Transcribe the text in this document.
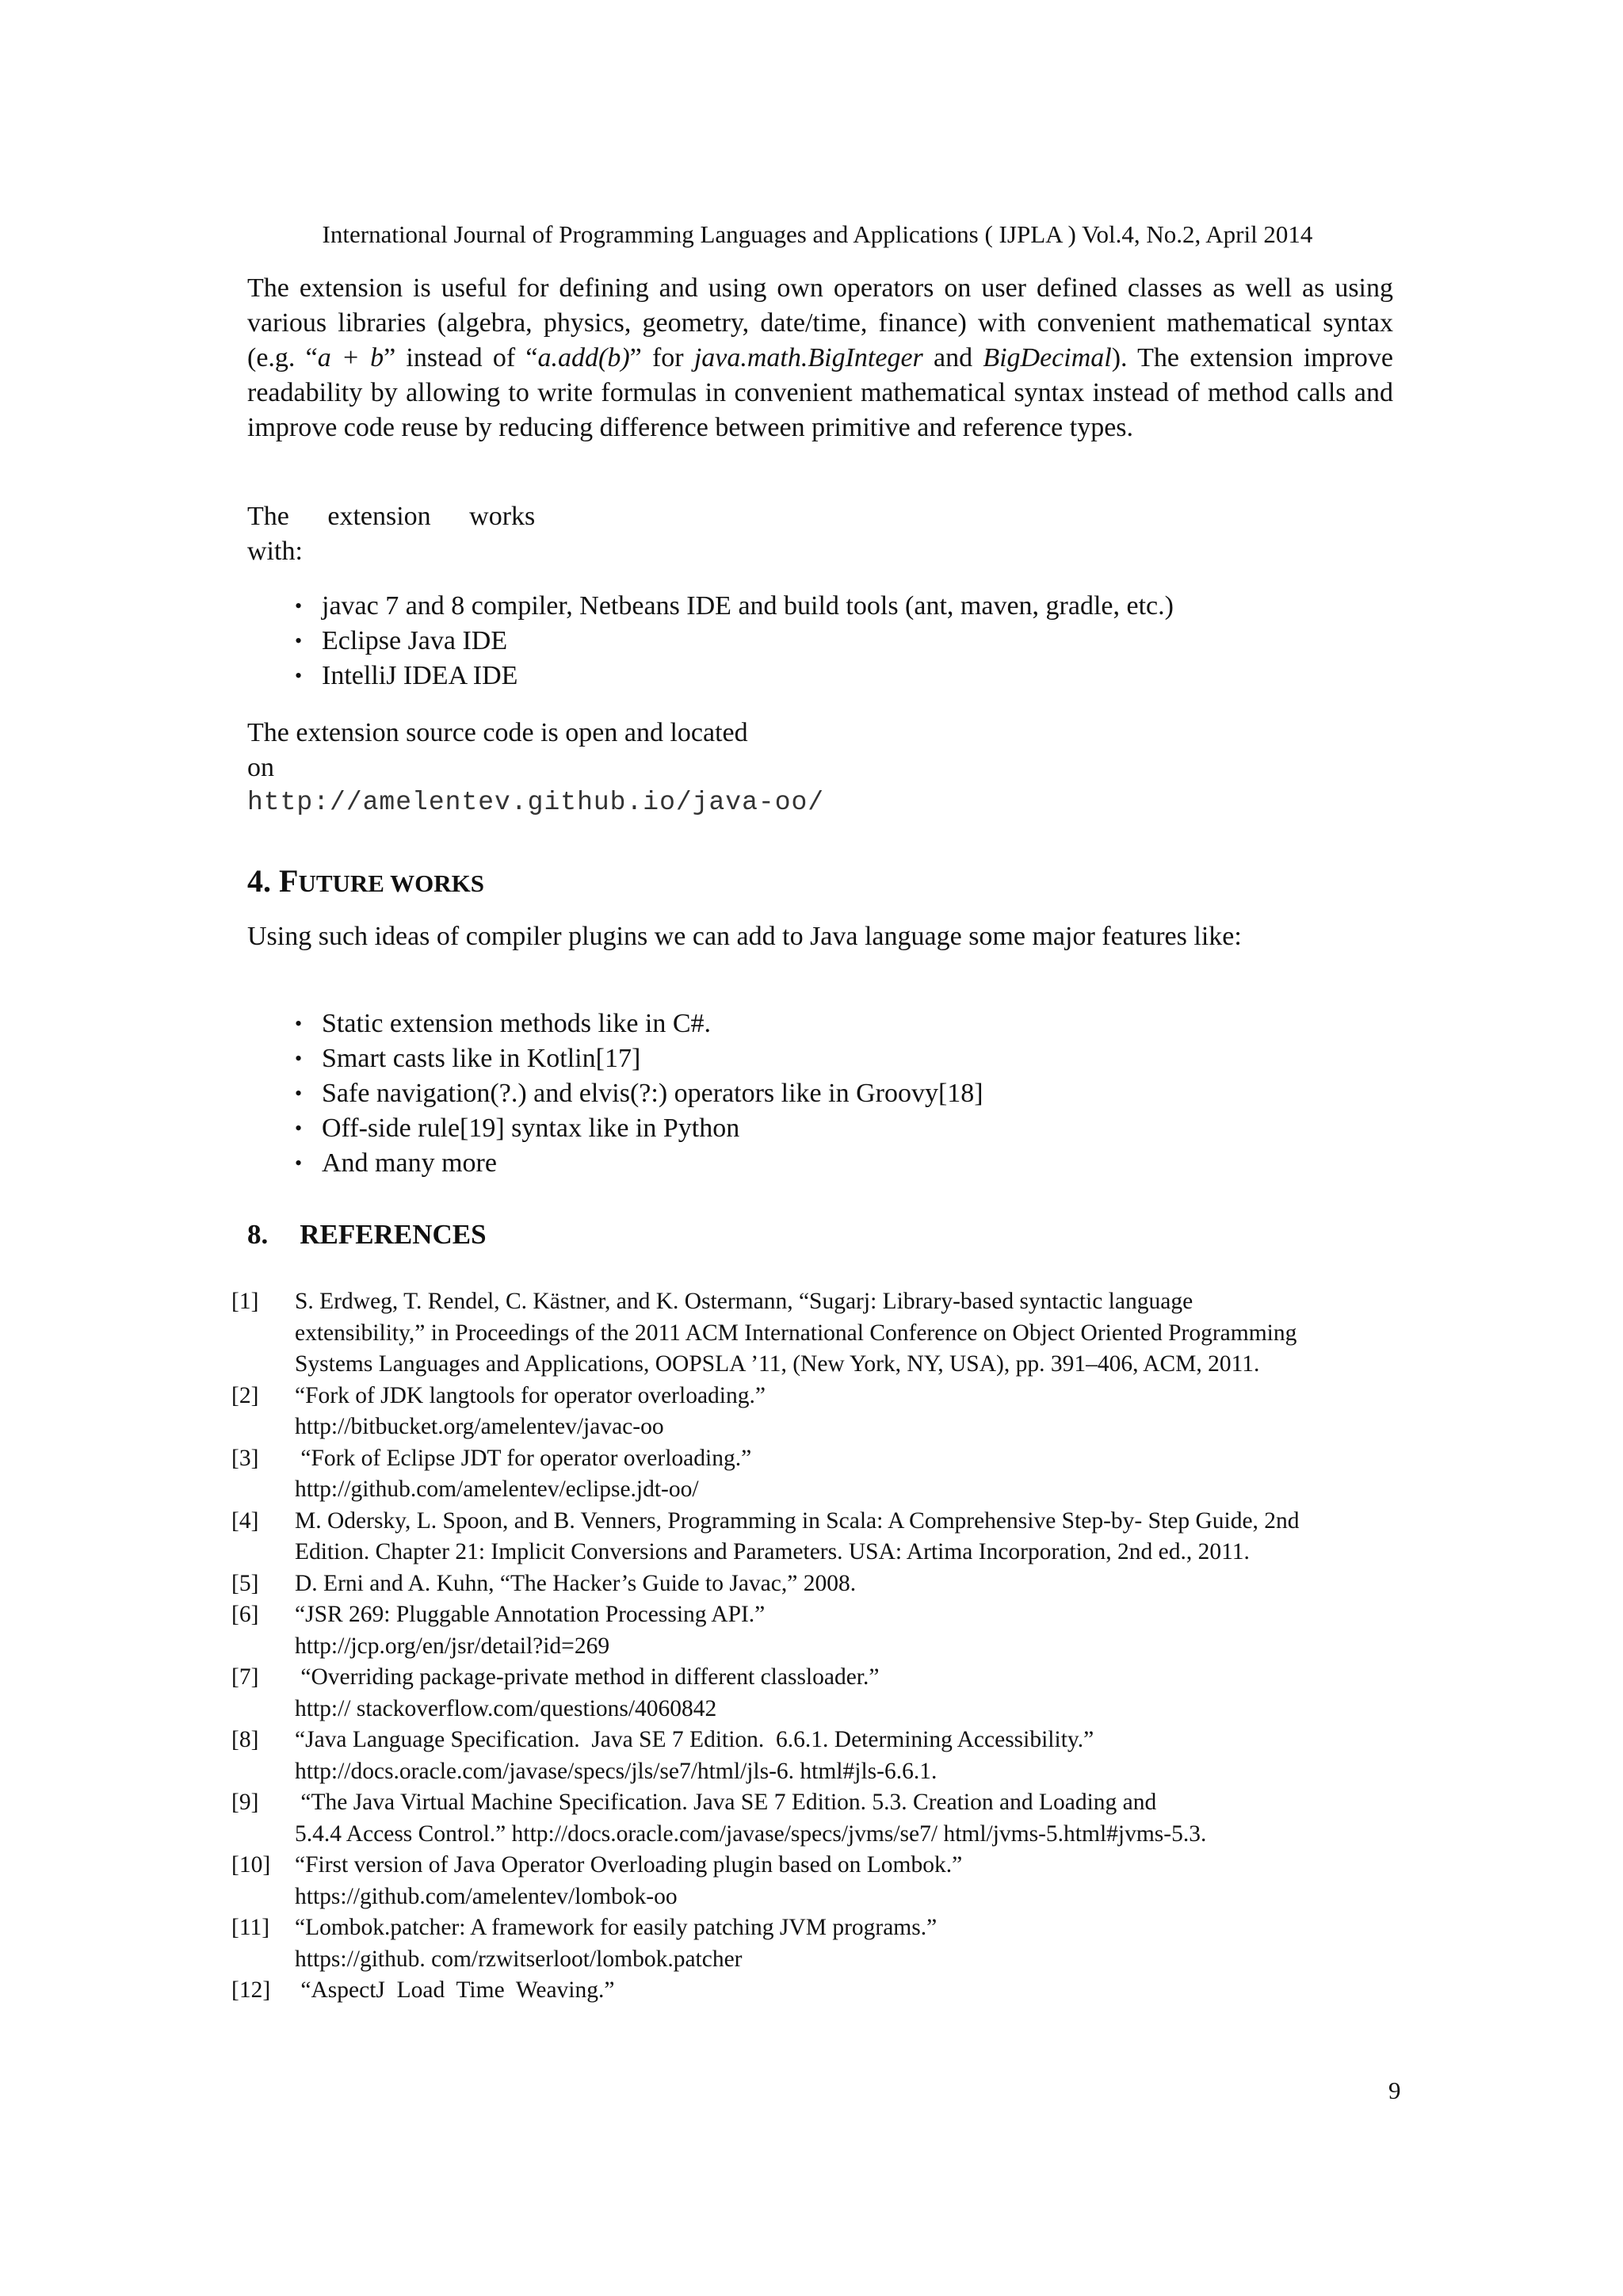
International Journal of Programming Languages and Applications ( IJPLA ) Vol.4, No.2, April 2014
The extension is useful for defining and using own operators on user defined classes as well as using various libraries (algebra, physics, geometry, date/time, finance) with convenient mathematical syntax (e.g. “a + b” instead of “a.add(b)” for java.math.BigInteger and BigDecimal). The extension improve readability by allowing to write formulas in convenient mathematical syntax instead of method calls and improve code reuse by reducing difference between primitive and reference types.
The extension works
with:
• javac 7 and 8 compiler, Netbeans IDE and build tools (ant, maven, gradle, etc.)
• Eclipse Java IDE
• IntelliJ IDEA IDE
The extension source code is open and located
on
http://amelentev.github.io/java-oo/
4. FUTURE WORKS
Using such ideas of compiler plugins we can add to Java language some major features like:
• Static extension methods like in C#.
• Smart casts like in Kotlin[17]
• Safe navigation(?.) and elvis(?:) operators like in Groovy[18]
• Off-side rule[19] syntax like in Python
• And many more
8. REFERENCES
[1]	S. Erdweg, T. Rendel, C. Kästner, and K. Ostermann, “Sugarj: Library-based syntactic language
extensibility,” in Proceedings of the 2011 ACM International Conference on Object Oriented Programming
Systems Languages and Applications, OOPSLA ’11, (New York, NY, USA), pp. 391–406, ACM, 2011.
[2]	“Fork of JDK langtools for operator overloading.”
http://bitbucket.org/amelentev/javac-oo
[3]	“Fork of Eclipse JDT for operator overloading.”
http://github.com/amelentev/eclipse.jdt-oo/
[4]	M. Odersky, L. Spoon, and B. Venners, Programming in Scala: A Comprehensive Step-by- Step Guide, 2nd
Edition. Chapter 21: Implicit Conversions and Parameters. USA: Artima Incorporation, 2nd ed., 2011.
[5]	D. Erni and A. Kuhn, “The Hacker’s Guide to Javac,” 2008.
[6]	“JSR 269: Pluggable Annotation Processing API.”
http://jcp.org/en/jsr/detail?id=269
[7]	“Overriding package-private method in different classloader.”
http:// stackoverflow.com/questions/4060842
[8]	“Java Language Specification.  Java SE 7 Edition.  6.6.1. Determining Accessibility.”
http://docs.oracle.com/javase/specs/jls/se7/html/jls-6. html#jls-6.6.1.
[9]	“The Java Virtual Machine Specification. Java SE 7 Edition. 5.3. Creation and Loading and
5.4.4 Access Control.” http://docs.oracle.com/javase/specs/jvms/se7/ html/jvms-5.html#jvms-5.3.
[10]	“First version of Java Operator Overloading plugin based on Lombok.”
https://github.com/amelentev/lombok-oo
[11]	“Lombok.patcher: A framework for easily patching JVM programs.”
https://github. com/rzwitserloot/lombok.patcher
[12]	“AspectJ  Load  Time  Weaving.”
9
